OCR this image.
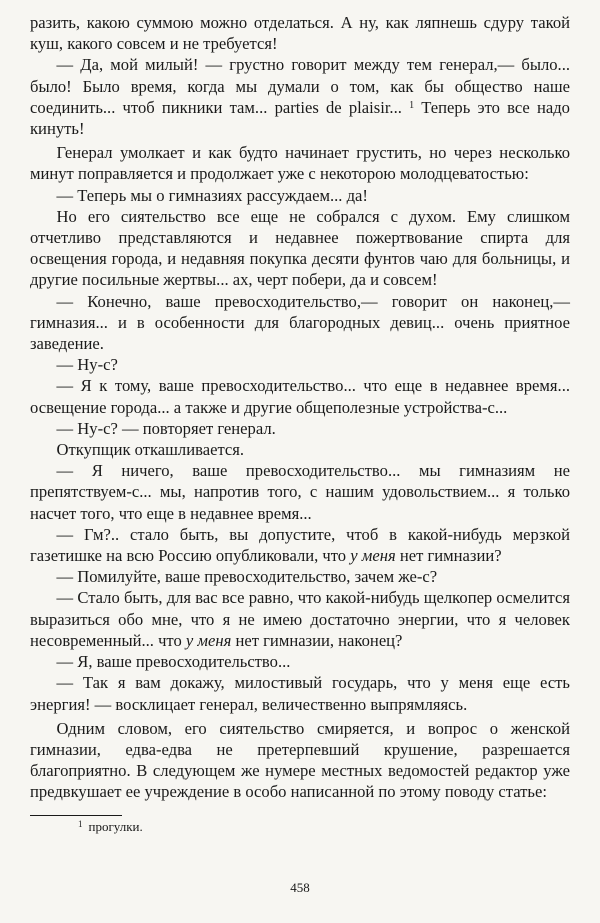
разить, какою суммою можно отделаться. А ну, как ляпнешь сдуру такой куш, какого совсем и не требуется!

— Да, мой милый! — грустно говорит между тем генерал,— было... было! Было время, когда мы думали о том, как бы общество наше соединить... чтоб пикники там... parties de plaisir... $^1$ Теперь это все надо кинуть!

Генерал умолкает и как будто начинает грустить, но через несколько минут поправляется и продолжает уже с некоторою молодцеватостью:

— Теперь мы о гимназиях рассуждаем... да!

Но его сиятельство все еще не собрался с духом. Ему слишком отчетливо представляются и недавнее пожертвование спирта для освещения города, и недавняя покупка десяти фунтов чаю для больницы, и другие посильные жертвы... ах, черт побери, да и совсем!

— Конечно, ваше превосходительство,— говорит он наконец,— гимназия... и в особенности для благородных девиц... очень приятное заведение.

— Ну-с?

— Я к тому, ваше превосходительство... что еще в недавнее время... освещение города... а также и другие общеполезные устройства-с...

— Ну-с? — повторяет генерал.

Откупщик откашливается.

— Я ничего, ваше превосходительство... мы гимназиям не препятствуем-с... мы, напротив того, с нашим удовольствием... я только насчет того, что еще в недавнее время...

— Гм?.. стало быть, вы допустите, чтоб в какой-нибудь мерзкой газетишке на всю Россию опубликовали, что у меня нет гимназии?

— Помилуйте, ваше превосходительство, зачем же-с?

— Стало быть, для вас все равно, что какой-нибудь щелкопер осмелится выразиться обо мне, что я не имею достаточно энергии, что я человек несовременный... что у меня нет гимназии, наконец?

— Я, ваше превосходительство...

— Так я вам докажу, милостивый государь, что у меня еще есть энергия! — восклицает генерал, величественно выпрямляясь.

Одним словом, его сиятельство смиряется, и вопрос о женской гимназии, едва-едва не претерпевший крушение, разрешается благоприятно. В следующем же нумере местных ведомостей редактор уже предвкушает ее учреждение в особо написанной по этому поводу статье:

$^1$ прогулки.
458
